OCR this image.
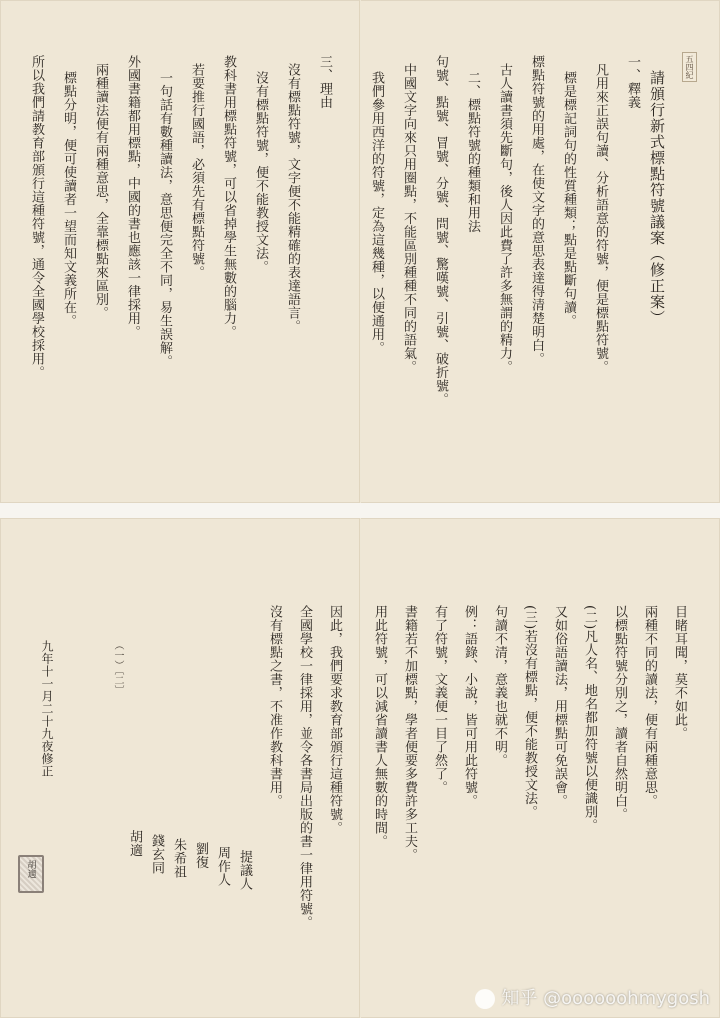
五四紀
請頒行新式標點符號議案（修正案）
一、釋義
凡用來正誤句讀、分析語意的符號，便是標點符號。
標是標記詞句的性質種類；點是點斷句讀。
標點符號的用處，在使文字的意思表達得清楚明白。
古人讀書須先斷句，後人因此費了許多無謂的精力。
二、標點符號的種類和用法
句號、點號、冒號、分號、問號、驚嘆號、引號、破折號。
中國文字向來只用圈點，不能區別種種不同的語氣。
我們參用西洋的符號，定為這幾種，以便通用。
三、理由
沒有標點符號，文字便不能精確的表達語言。
沒有標點符號，便不能教授文法。
教科書用標點符號，可以省掉學生無數的腦力。
若要推行國語，必須先有標點符號。
一句話有數種讀法，意思便完全不同，易生誤解。
外國書籍都用標點，中國的書也應該一律採用。
兩種讀法便有兩種意思，全靠標點來區別。
標點分明，便可使讀者一望而知文義所在。
所以我們請教育部頒行這種符號，通令全國學校採用。
目睹耳聞，莫不如此。
兩種不同的讀法，便有兩種意思。
以標點符號分別之，讀者自然明白。
(二)凡人名、地名都加符號以便識別。
又如俗語讀法，用標點可免誤會。
(三)若沒有標點，便不能教授文法。
句讀不清，意義也就不明。
例：語錄、小說，皆可用此符號。
有了符號，文義便一目了然了。
書籍若不加標點，學者便要多費許多工夫。
用此符號，可以減省讀書人無數的時間。
因此，我們要求教育部頒行這種符號。
全國學校一律採用，並令各書局出版的書一律用符號。
沒有標點之書，不准作教科書用。
提議人
周作人
劉復
朱希祖
錢玄同
胡適
九年十一月二十九夜修正	（一）〔二〕
胡適
知乎 @oooooohmygosh
